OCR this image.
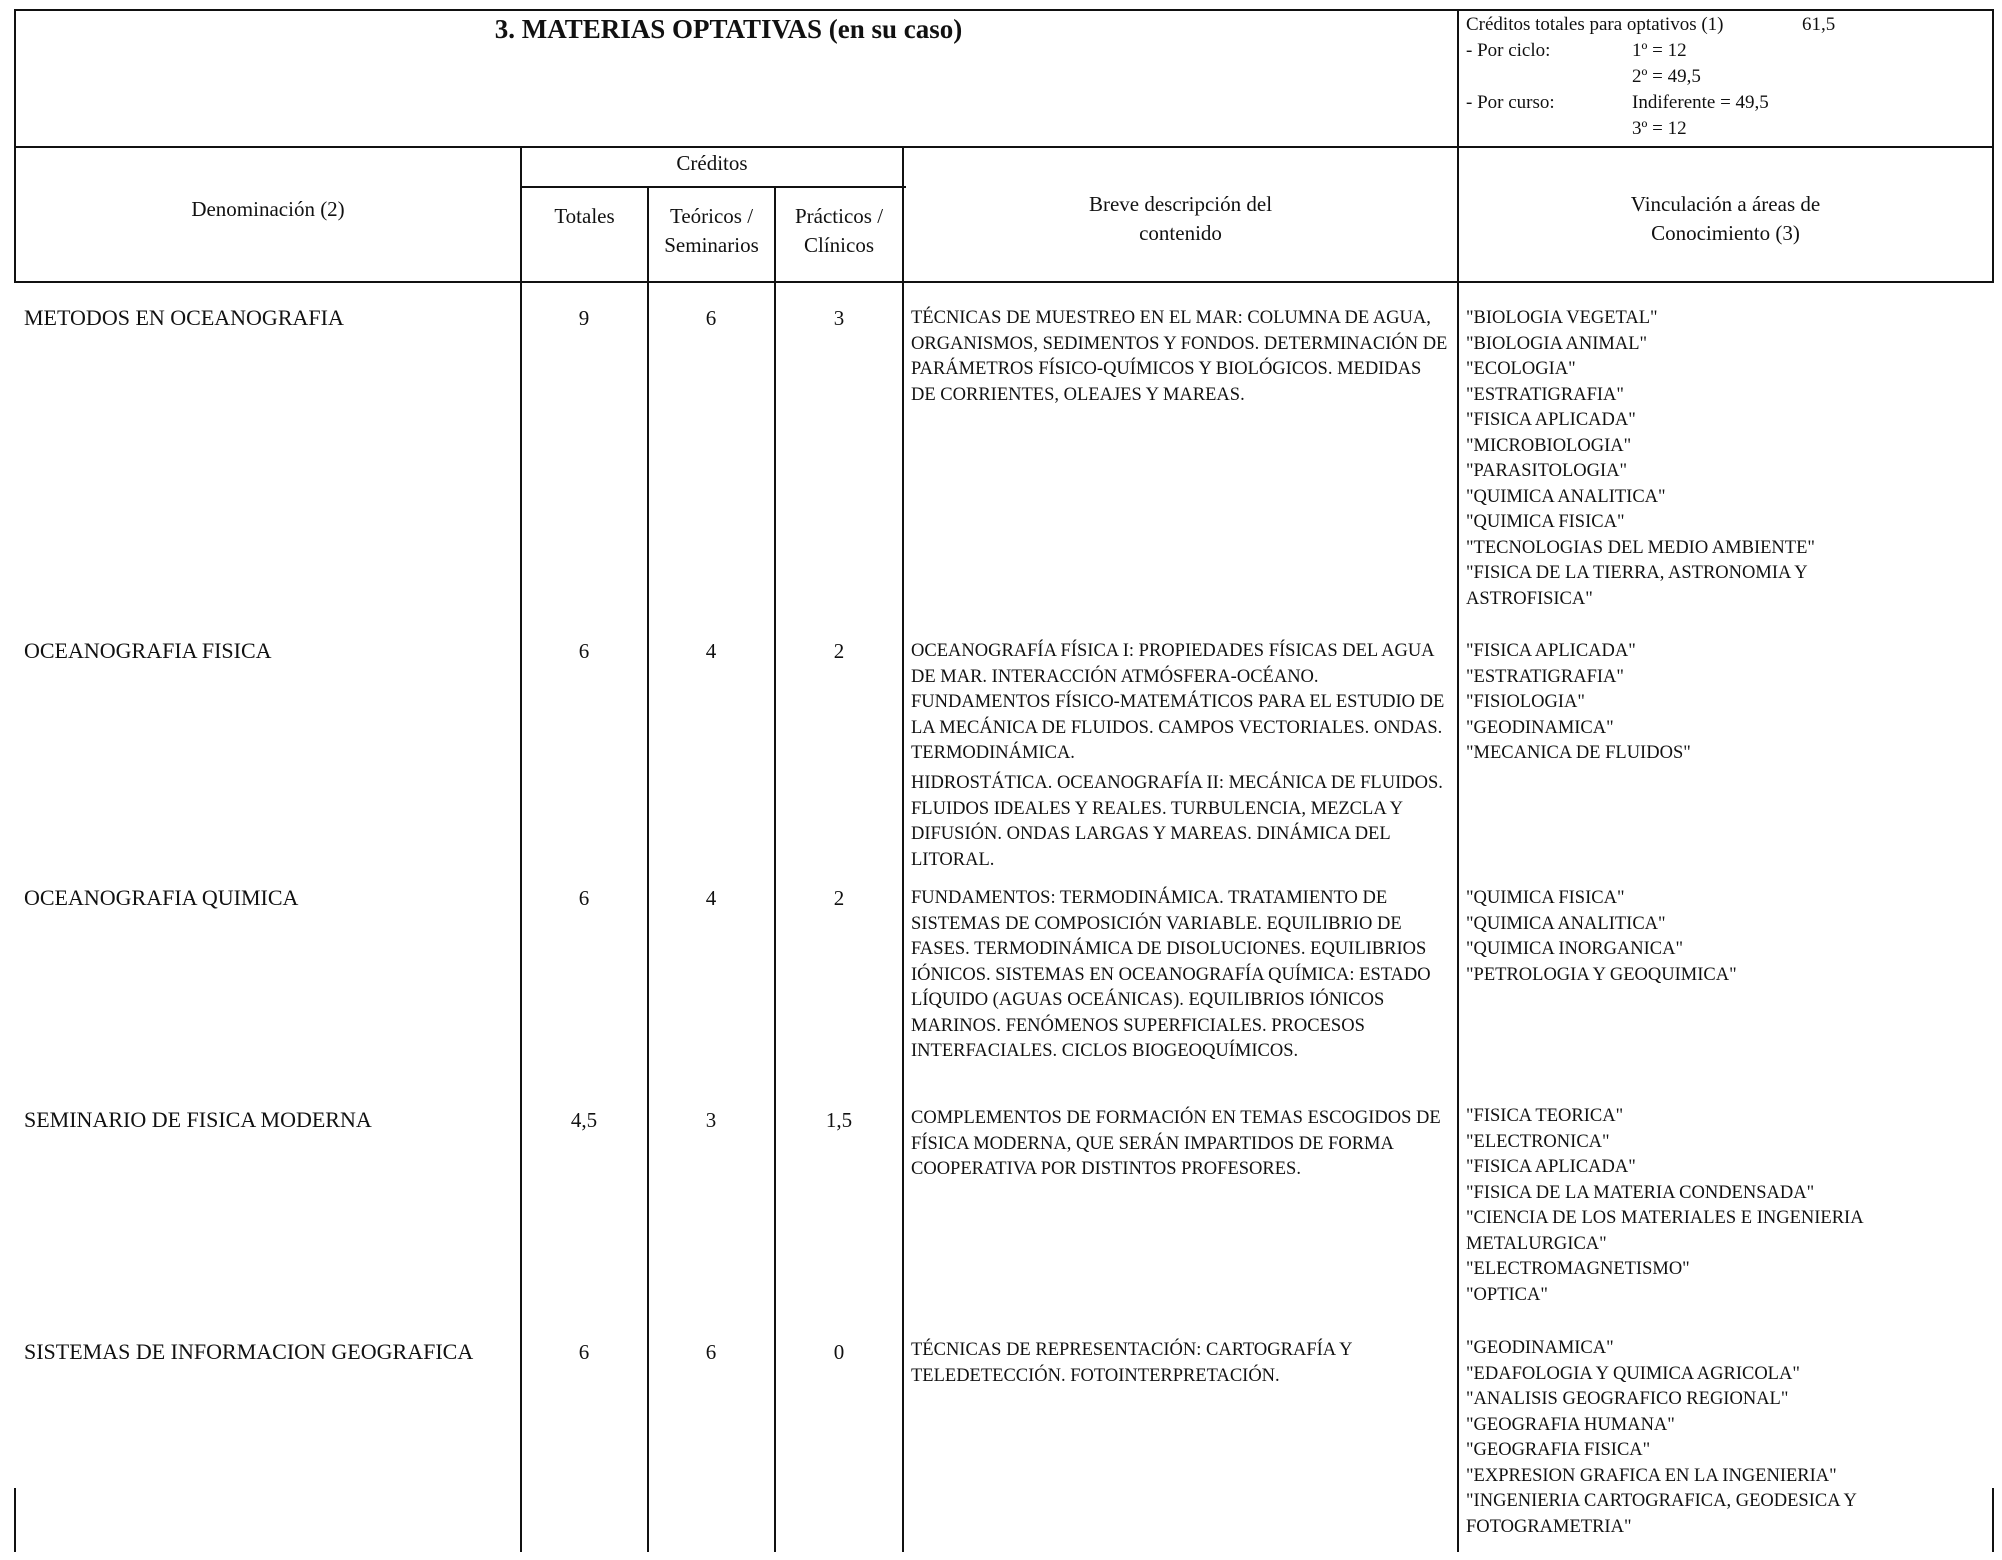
3. MATERIAS OPTATIVAS (en su caso)	Créditos totales para optativos (1)	61,5
- Por ciclo:	1º = 12
2º = 49,5
- Por curso:	Indiferente = 49,5
3º = 12
Denominación (2)
Créditos
Totales	Teóricos /
Seminarios
Prácticos /
Clínicos
Breve descripción del
contenido
Vinculación a áreas de
Conocimiento (3)
METODOS EN OCEANOGRAFIA	9	6	3	TÉCNICAS DE MUESTREO EN EL MAR: COLUMNA DE AGUA, ORGANISMOS, SEDIMENTOS Y FONDOS. DETERMINACIÓN DE PARÁMETROS FÍSICO-QUÍMICOS Y BIOLÓGICOS. MEDIDAS DE CORRIENTES, OLEAJES Y MAREAS.
"BIOLOGIA VEGETAL"
"BIOLOGIA ANIMAL"
"ECOLOGIA"
"ESTRATIGRAFIA"
"FISICA APLICADA"
"MICROBIOLOGIA"
"PARASITOLOGIA"
"QUIMICA ANALITICA"
"QUIMICA FISICA"
"TECNOLOGIAS DEL MEDIO AMBIENTE"
"FISICA DE LA TIERRA, ASTRONOMIA Y
ASTROFISICA"
OCEANOGRAFIA FISICA	6	4	2	OCEANOGRAFÍA FÍSICA I: PROPIEDADES FÍSICAS DEL AGUA DE MAR. INTERACCIÓN ATMÓSFERA-OCÉANO. FUNDAMENTOS FÍSICO-MATEMÁTICOS PARA EL ESTUDIO DE LA MECÁNICA DE FLUIDOS. CAMPOS VECTORIALES. ONDAS. TERMODINÁMICA.
HIDROSTÁTICA. OCEANOGRAFÍA II: MECÁNICA DE FLUIDOS. FLUIDOS IDEALES Y REALES. TURBULENCIA, MEZCLA Y DIFUSIÓN. ONDAS LARGAS Y MAREAS. DINÁMICA DEL LITORAL.
"FISICA APLICADA"
"ESTRATIGRAFIA"
"FISIOLOGIA"
"GEODINAMICA"
"MECANICA DE FLUIDOS"
OCEANOGRAFIA QUIMICA	6	4	2	FUNDAMENTOS: TERMODINÁMICA. TRATAMIENTO DE SISTEMAS DE COMPOSICIÓN VARIABLE. EQUILIBRIO DE FASES. TERMODINÁMICA DE DISOLUCIONES. EQUILIBRIOS IÓNICOS. SISTEMAS EN OCEANOGRAFÍA QUÍMICA: ESTADO LÍQUIDO (AGUAS OCEÁNICAS). EQUILIBRIOS IÓNICOS MARINOS. FENÓMENOS SUPERFICIALES. PROCESOS INTERFACIALES. CICLOS BIOGEOQUÍMICOS.
"QUIMICA FISICA"
"QUIMICA ANALITICA"
"QUIMICA INORGANICA"
"PETROLOGIA Y GEOQUIMICA"
SEMINARIO DE FISICA MODERNA	4,5	3	1,5	COMPLEMENTOS DE FORMACIÓN EN TEMAS ESCOGIDOS DE FÍSICA MODERNA, QUE SERÁN IMPARTIDOS DE FORMA COOPERATIVA POR DISTINTOS PROFESORES.
"FISICA TEORICA"
"ELECTRONICA"
"FISICA APLICADA"
"FISICA DE LA MATERIA CONDENSADA"
"CIENCIA DE LOS MATERIALES E INGENIERIA
METALURGICA"
"ELECTROMAGNETISMO"
"OPTICA"
SISTEMAS DE INFORMACION GEOGRAFICA	6	6	0	TÉCNICAS DE REPRESENTACIÓN: CARTOGRAFÍA Y TELEDETECCIÓN. FOTOINTERPRETACIÓN.
"GEODINAMICA"
"EDAFOLOGIA Y QUIMICA AGRICOLA"
"ANALISIS GEOGRAFICO REGIONAL"
"GEOGRAFIA HUMANA"
"GEOGRAFIA FISICA"
"EXPRESION GRAFICA EN LA INGENIERIA"
"INGENIERIA CARTOGRAFICA, GEODESICA Y
FOTOGRAMETRIA"
